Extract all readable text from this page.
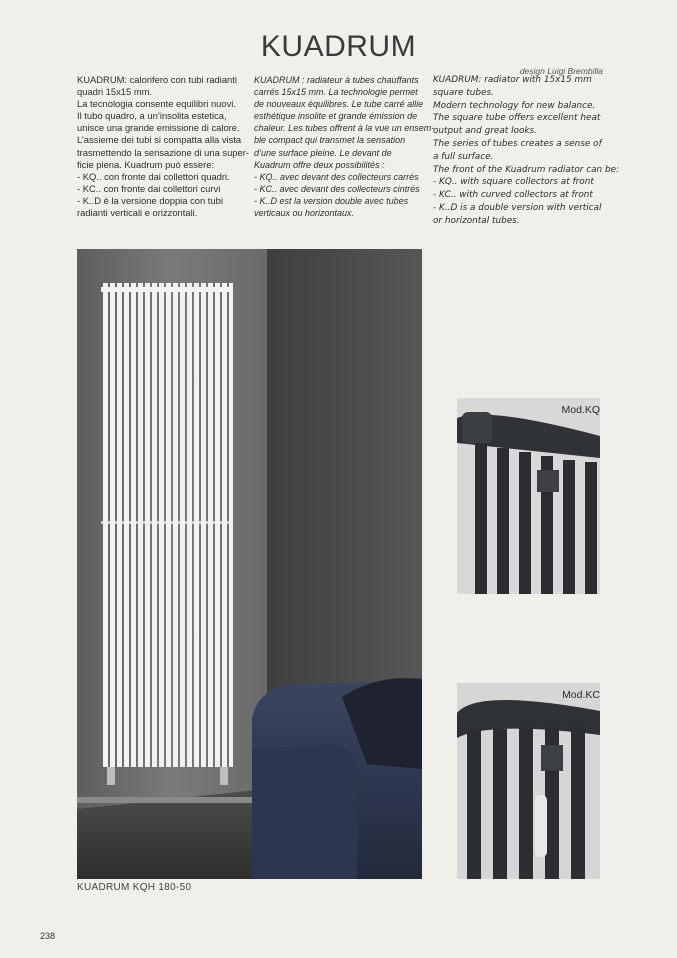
KUADRUM
design Luigi Brembilla
KUADRUM: calorifero con tubi radianti
quadri 15x15 mm.
La tecnologia consente equilibri nuovi.
Il tubo quadro, a un’insolita estetica,
unisce una grande emissione di calore.
L’assieme dei tubi si compatta alla vista
trasmettendo la sensazione di una super-
ficie piena. Kuadrum può essere:
- KQ.. con fronte dai collettori quadri.
- KC.. con fronte dai collettori curvi
- K..D è la versione doppia con tubi
radianti verticali e orizzontali.
KUADRUM : radiateur à tubes chauffants
carrés 15x15 mm. La technologie permet
de nouveaux équilibres. Le tube carré allie
esthétique insolite et grande émission de
chaleur. Les tubes offrent à la vue un ensem-
ble compact qui transmet la sensation
d’une surface pleine. Le devant de
Kuadrum offre deux possibilités :
- KQ.. avec devant des collecteurs carrés
- KC.. avec devant des collecteurs cintrés
- K..D est la version double avec tubes
verticaux ou horizontaux.
KUADRUM: radiator with 15x15 mm
square tubes.
Modern technology for new balance.
The square tube offers excellent heat
output and great looks.
The series of tubes creates a sense of
a full surface.
The front of the Kuadrum radiator can be:
- KQ.. with square collectors at front
- KC.. with curved collectors at front
- K..D is a double version with vertical
or horizontal tubes.
KUADRUM KQH 180-50
Mod.KQ
Mod.KC
238
